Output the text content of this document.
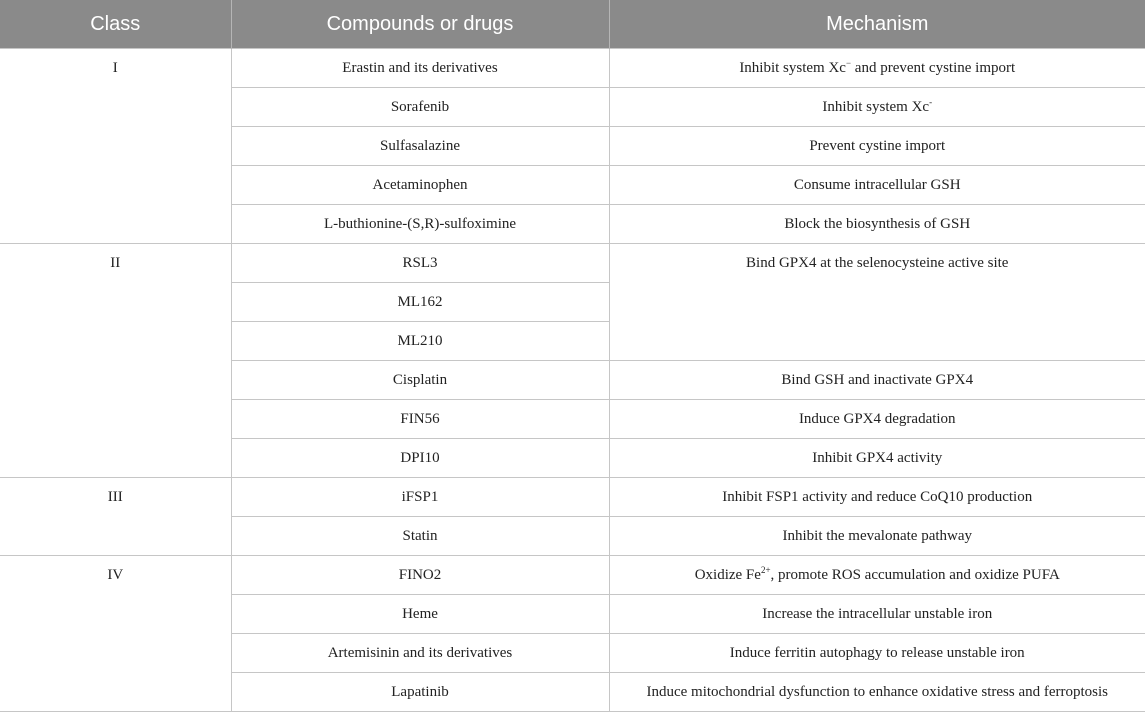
Class	Compounds or drugs	Mechanism
I	Erastin and its derivatives	Inhibit system Xc− and prevent cystine import
	Sorafenib	Inhibit system Xc-
	Sulfasalazine	Prevent cystine import
	Acetaminophen	Consume intracellular GSH
	L-buthionine-(S,R)-sulfoximine	Block the biosynthesis of GSH
II	RSL3	Bind GPX4 at the selenocysteine active site
	ML162	
	ML210	
	Cisplatin	Bind GSH and inactivate GPX4
	FIN56	Induce GPX4 degradation
	DPI10	Inhibit GPX4 activity
III	iFSP1	Inhibit FSP1 activity and reduce CoQ10 production
	Statin	Inhibit the mevalonate pathway
IV	FINO2	Oxidize $Fe^{2+}$, promote ROS accumulation and oxidize PUFA
	Heme	Increase the intracellular unstable iron
	Artemisinin and its derivatives	Induce ferritin autophagy to release unstable iron
	Lapatinib	Induce mitochondrial dysfunction to enhance oxidative stress and ferroptosis
